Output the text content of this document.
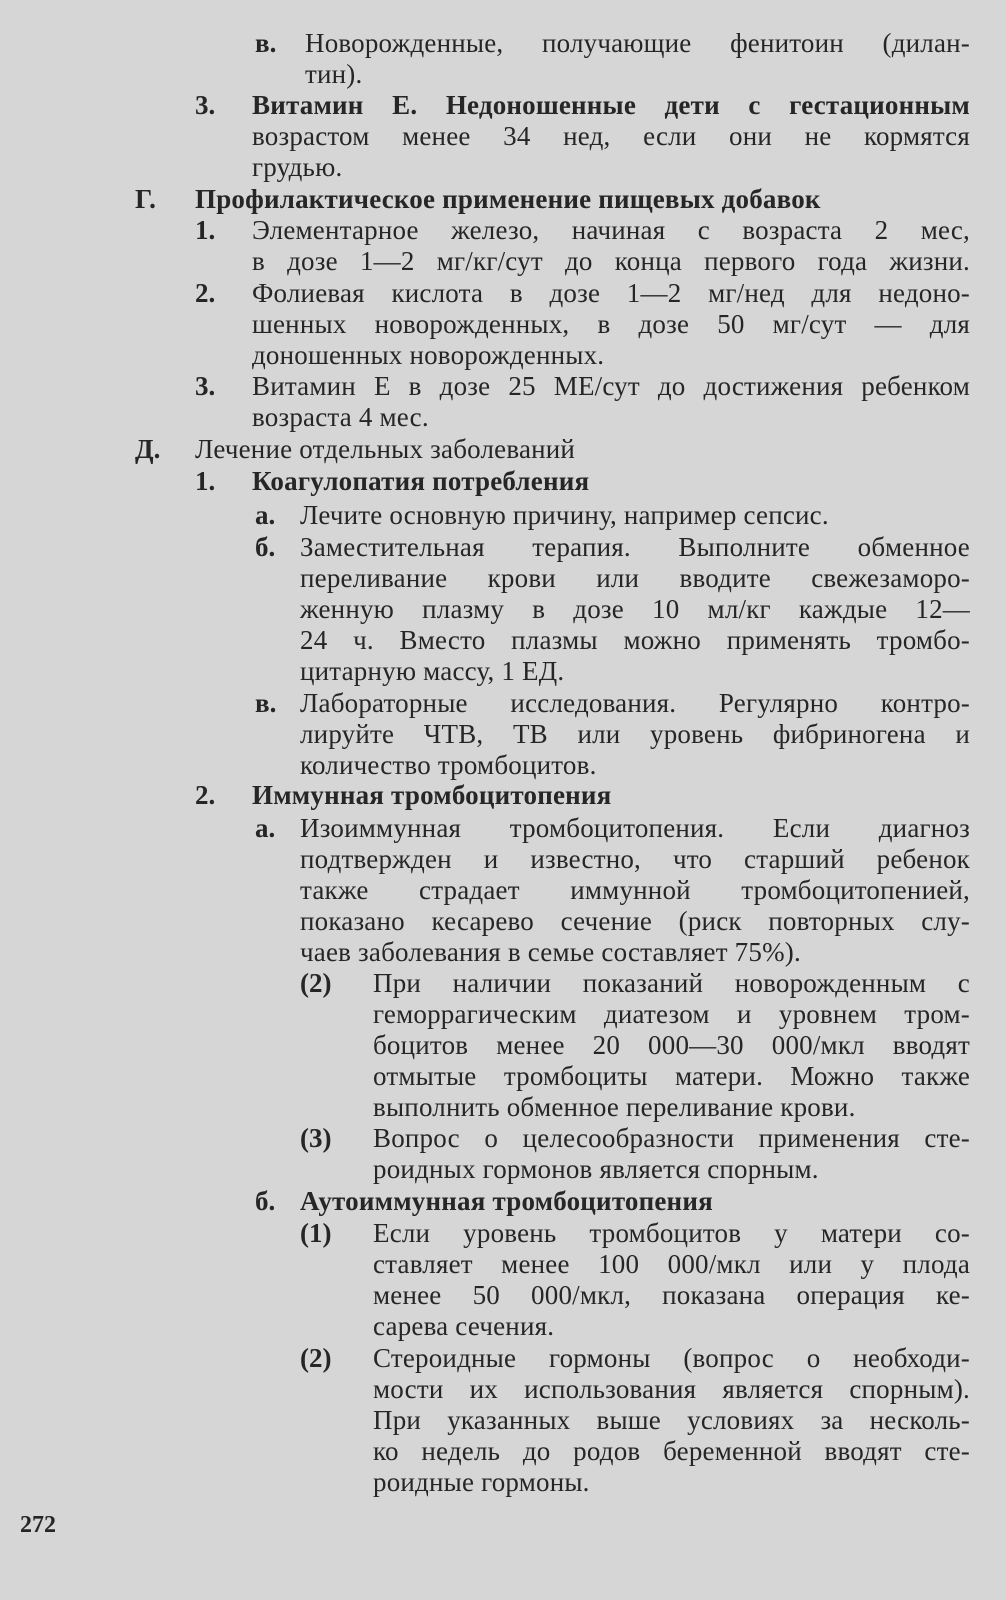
в. Новорожденные, получающие фенитоин (дилан-
тин).
3. Витамин Е. Недоношенные дети с гестационным
возрастом менее 34 нед, если они не кормятся
грудью.
Г. Профилактическое применение пищевых добавок
1. Элементарное железо, начиная с возраста 2 мес,
в дозе 1—2 мг/кг/сут до конца первого года жизни.
2. Фолиевая кислота в дозе 1—2 мг/нед для недоно-
шенных новорожденных, в дозе 50 мг/сут — для
доношенных новорожденных.
3. Витамин Е в дозе 25 МЕ/сут до достижения ребенком
возраста 4 мес.
Д. Лечение отдельных заболеваний
1. Коагулопатия потребления
а. Лечите основную причину, например сепсис.
б. Заместительная терапия. Выполните обменное
переливание крови или вводите свежезаморо-
женную плазму в дозе 10 мл/кг каждые 12—
24 ч. Вместо плазмы можно применять тромбо-
цитарную массу, 1 ЕД.
в. Лабораторные исследования. Регулярно контро-
лируйте ЧТВ, ТВ или уровень фибриногена и
количество тромбоцитов.
2. Иммунная тромбоцитопения
а. Изоиммунная тромбоцитопения. Если диагноз
подтвержден и известно, что старший ребенок
также страдает иммунной тромбоцитопенией,
показано кесарево сечение (риск повторных слу-
чаев заболевания в семье составляет 75%).
(2) При наличии показаний новорожденным с
геморрагическим диатезом и уровнем тром-
боцитов менее 20 000—30 000/мкл вводят
отмытые тромбоциты матери. Можно также
выполнить обменное переливание крови.
(3) Вопрос о целесообразности применения сте-
роидных гормонов является спорным.
б. Аутоиммунная тромбоцитопения
(1) Если уровень тромбоцитов у матери со-
ставляет менее 100 000/мкл или у плода
менее 50 000/мкл, показана операция ке-
сарева сечения.
(2) Стероидные гормоны (вопрос о необходи-
мости их использования является спорным).
При указанных выше условиях за несколь-
ко недель до родов беременной вводят сте-
роидные гормоны.
272
